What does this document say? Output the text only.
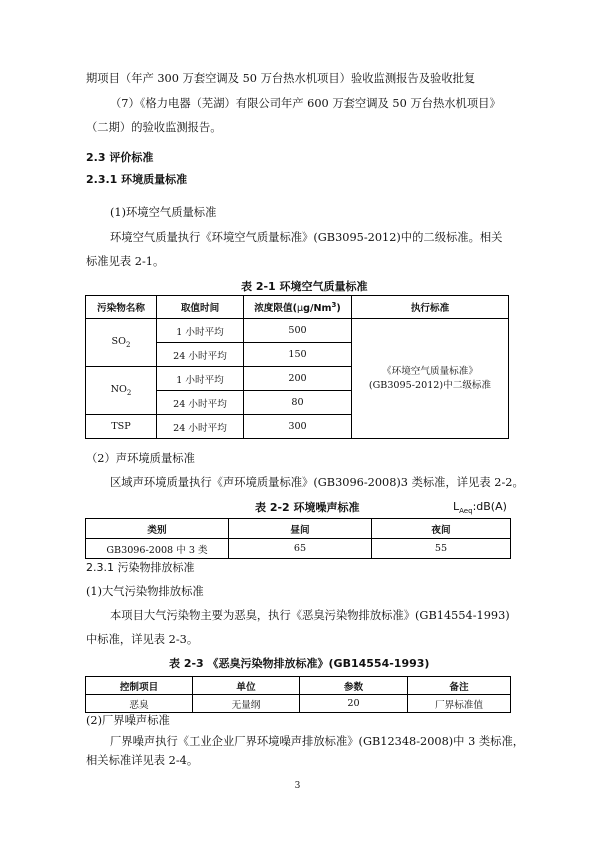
期项目（年产 300 万套空调及 50 万台热水机项目）验收监测报告及验收批复
（7）《格力电器（芜湖）有限公司年产 600 万套空调及 50 万台热水机项目》
（二期）的验收监测报告。
2.3 评价标准
2.3.1 环境质量标准
(1)环境空气质量标准
环境空气质量执行《环境空气质量标准》(GB3095-2012)中的二级标准。相关
标准见表 2-1。
表 2-1 环境空气质量标准
污染物名称	取值时间	浓度限值(μg/Nm$^3$)	执行标准
$SO_2$	1 小时平均	500	《环境空气质量标准》
(GB3095-2012)中二级标准

	24 小时平均	150	
$NO_2$	1 小时平均	200	
	24 小时平均	80	
TSP	24 小时平均	300	
（2）声环境质量标准
区域声环境质量执行《声环境质量标准》(GB3096-2008)3 类标准，详见表 2-2。
表 2-2 环境噪声标准	$L_{Aeq}:dB(A)$
类别	昼间	夜间
GB3096-2008 中 3 类	65	55
2.3.1 污染物排放标准
(1)大气污染物排放标准
本项目大气污染物主要为恶臭，执行《恶臭污染物排放标准》(GB14554-1993)
中标准，详见表 2-3。
表 2-3 《恶臭污染物排放标准》(GB14554-1993)
控制项目	单位	参数	备注
恶臭	无量纲	20	厂界标准值
(2)厂界噪声标准
厂界噪声执行《工业企业厂界环境噪声排放标准》(GB12348-2008)中 3 类标准，
相关标准详见表 2-4。
3
